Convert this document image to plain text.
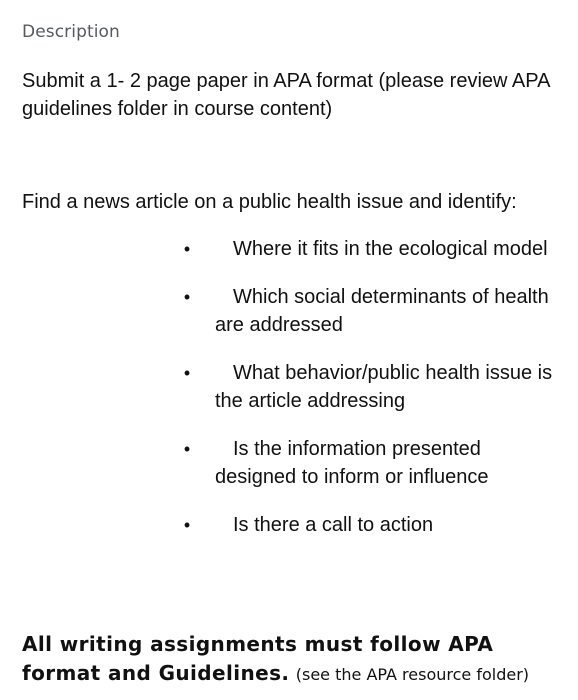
Description

Submit a 1- 2 page paper in APA format (please review APA guidelines folder in course content)

Find a news article on a public health issue and identify:

•	Where it fits in the ecological model
•	Which social determinants of health are addressed
•	What behavior/public health issue is the article addressing
•	Is the information presented designed to inform or influence
•	Is there a call to action

All writing assignments must follow APA format and Guidelines. (see the APA resource folder)
